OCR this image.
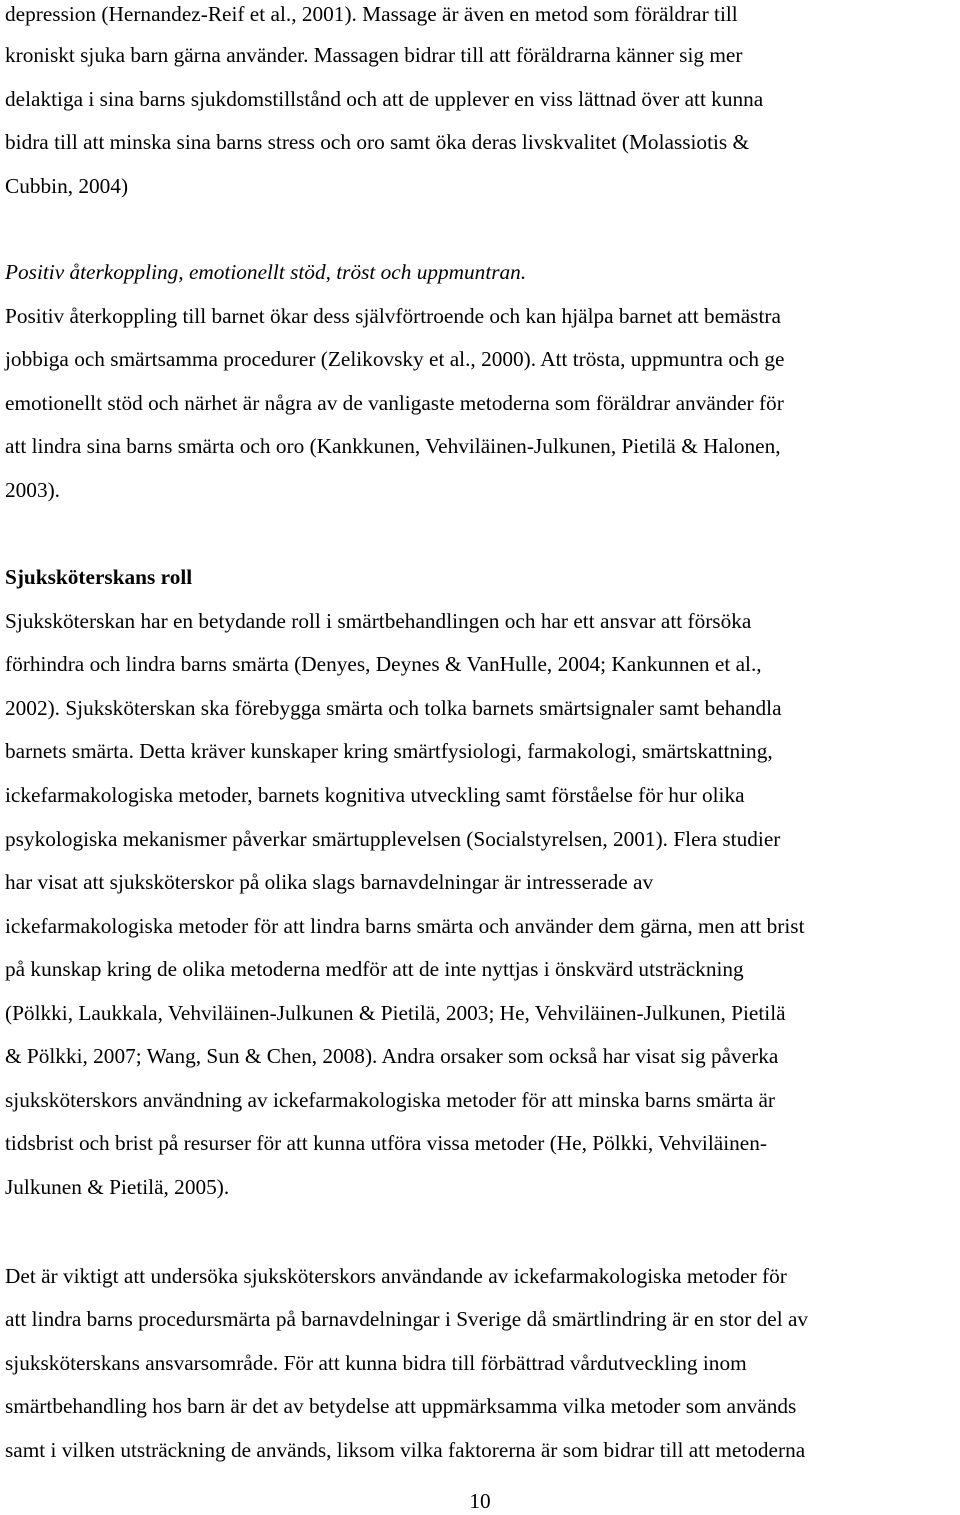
depression (Hernandez-Reif et al., 2001). Massage är även en metod som föräldrar till
kroniskt sjuka barn gärna använder. Massagen bidrar till att föräldrarna känner sig mer
delaktiga i sina barns sjukdomstillstånd och att de upplever en viss lättnad över att kunna
bidra till att minska sina barns stress och oro samt öka deras livskvalitet (Molassiotis &
Cubbin, 2004)
Positiv återkoppling, emotionellt stöd, tröst och uppmuntran.
Positiv återkoppling till barnet ökar dess självförtroende och kan hjälpa barnet att bemästra
jobbiga och smärtsamma procedurer (Zelikovsky et al., 2000). Att trösta, uppmuntra och ge
emotionellt stöd och närhet är några av de vanligaste metoderna som föräldrar använder för
att lindra sina barns smärta och oro (Kankkunen, Vehviläinen-Julkunen, Pietilä & Halonen,
2003).
Sjuksköterskans roll
Sjuksköterskan har en betydande roll i smärtbehandlingen och har ett ansvar att försöka
förhindra och lindra barns smärta (Denyes, Deynes & VanHulle, 2004; Kankunnen et al.,
2002). Sjuksköterskan ska förebygga smärta och tolka barnets smärtsignaler samt behandla
barnets smärta. Detta kräver kunskaper kring smärtfysiologi, farmakologi, smärtskattning,
ickefarmakologiska metoder, barnets kognitiva utveckling samt förståelse för hur olika
psykologiska mekanismer påverkar smärtupplevelsen (Socialstyrelsen, 2001). Flera studier
har visat att sjuksköterskor på olika slags barnavdelningar är intresserade av
ickefarmakologiska metoder för att lindra barns smärta och använder dem gärna, men att brist
på kunskap kring de olika metoderna medför att de inte nyttjas i önskvärd utsträckning
(Pölkki, Laukkala, Vehviläinen-Julkunen & Pietilä, 2003; He, Vehviläinen-Julkunen, Pietilä
& Pölkki, 2007; Wang, Sun & Chen, 2008). Andra orsaker som också har visat sig påverka
sjuksköterskors användning av ickefarmakologiska metoder för att minska barns smärta är
tidsbrist och brist på resurser för att kunna utföra vissa metoder (He, Pölkki, Vehviläinen-
Julkunen & Pietilä, 2005).
Det är viktigt att undersöka sjuksköterskors användande av ickefarmakologiska metoder för
att lindra barns procedursmärta på barnavdelningar i Sverige då smärtlindring är en stor del av
sjuksköterskans ansvarsområde. För att kunna bidra till förbättrad vårdutveckling inom
smärtbehandling hos barn är det av betydelse att uppmärksamma vilka metoder som används
samt i vilken utsträckning de används, liksom vilka faktorerna är som bidrar till att metoderna
10
